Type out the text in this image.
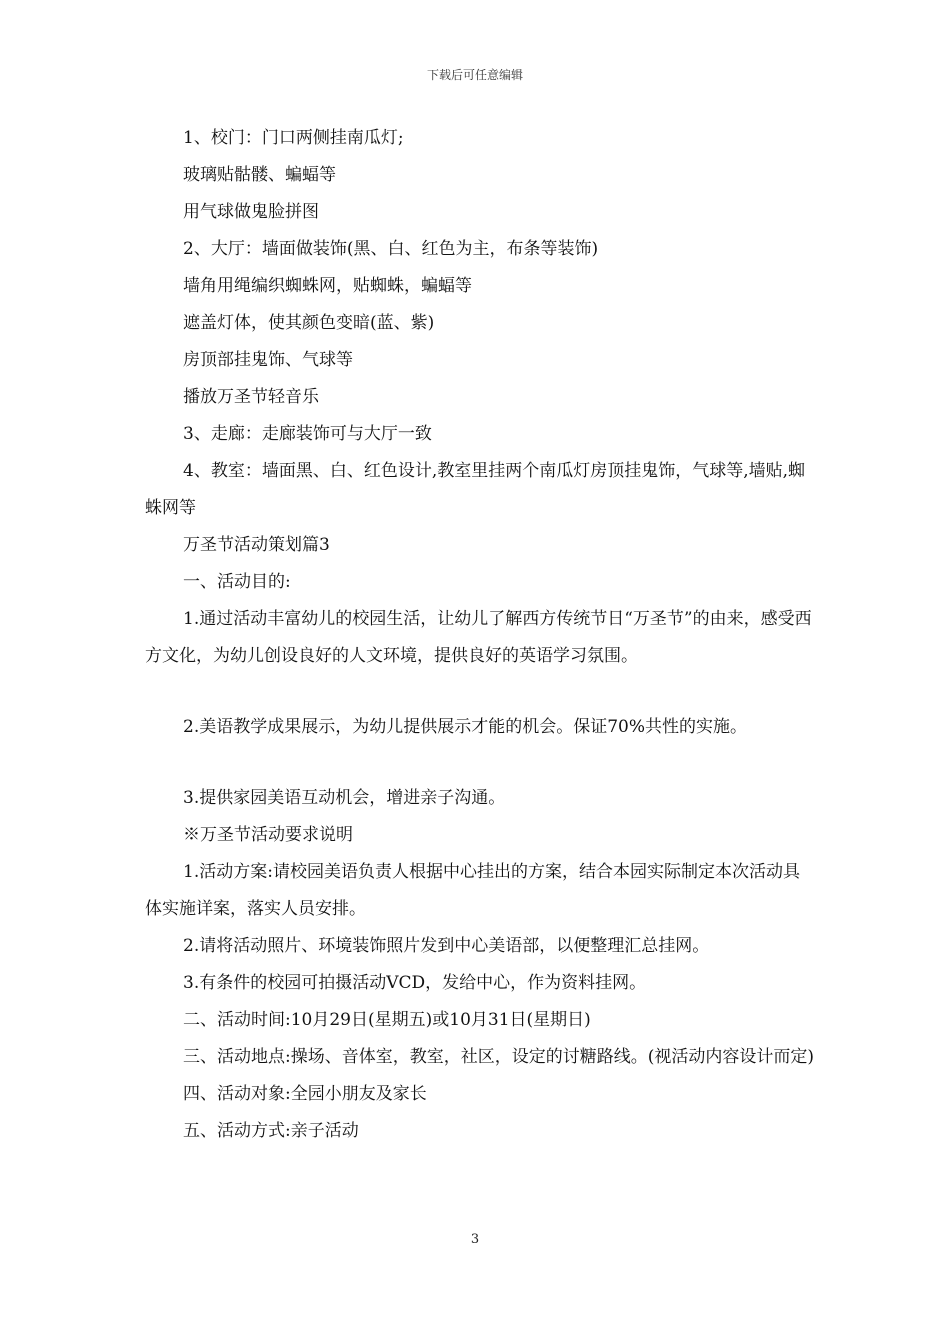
下载后可任意编辑

1、校门：门口两侧挂南瓜灯;

玻璃贴骷髅、蝙蝠等

用气球做鬼脸拼图

2、大厅：墙面做装饰(黑、白、红色为主，布条等装饰)

墙角用绳编织蜘蛛网，贴蜘蛛，蝙蝠等

遮盖灯体，使其颜色变暗(蓝、紫)

房顶部挂鬼饰、气球等

播放万圣节轻音乐

3、走廊：走廊装饰可与大厅一致

4、教室：墙面黑、白、红色设计,教室里挂两个南瓜灯房顶挂鬼饰，气球等,墙贴,蜘蛛网等

万圣节活动策划篇3

一、活动目的:

1.通过活动丰富幼儿的校园生活，让幼儿了解西方传统节日“万圣节”的由来，感受西方文化，为幼儿创设良好的人文环境，提供良好的英语学习氛围。

2.美语教学成果展示，为幼儿提供展示才能的机会。保证70%共性的实施。

3.提供家园美语互动机会，增进亲子沟通。

※万圣节活动要求说明

1.活动方案:请校园美语负责人根据中心挂出的方案，结合本园实际制定本次活动具体实施详案，落实人员安排。

2.请将活动照片、环境装饰照片发到中心美语部，以便整理汇总挂网。

3.有条件的校园可拍摄活动VCD，发给中心，作为资料挂网。

二、活动时间:10月29日(星期五)或10月31日(星期日)

三、活动地点:操场、音体室，教室，社区，设定的讨糖路线。(视活动内容设计而定)

四、活动对象:全园小朋友及家长

五、活动方式:亲子活动

3
